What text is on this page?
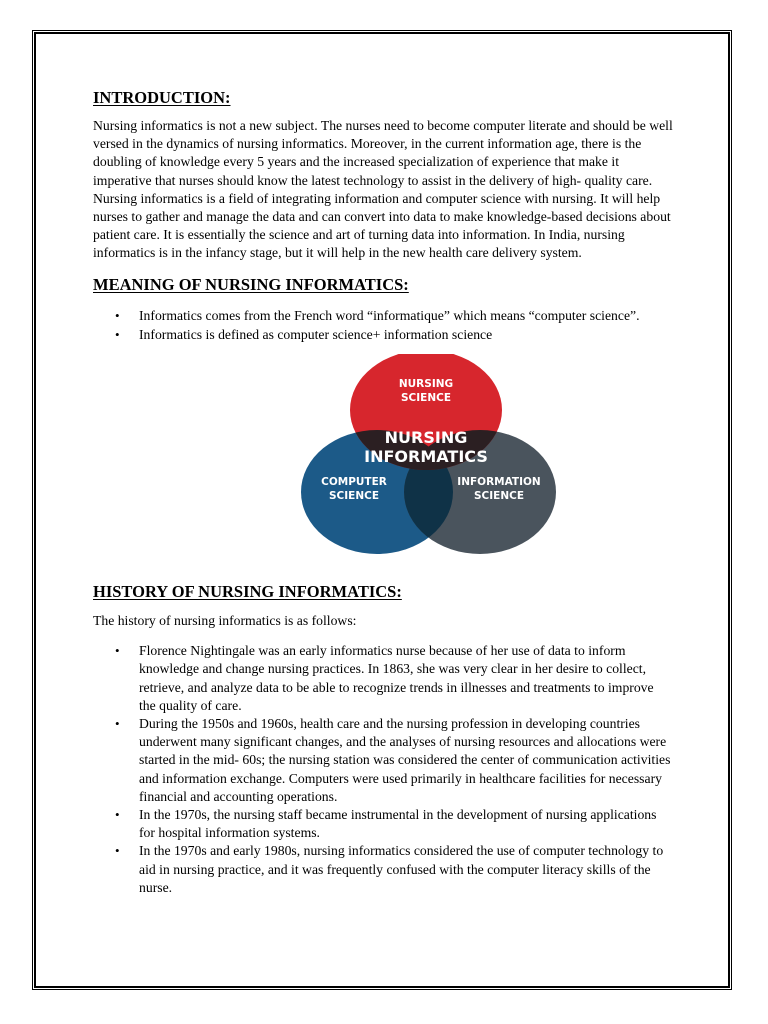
INTRODUCTION:

Nursing informatics is not a new subject. The nurses need to become computer literate and should be well versed in the dynamics of nursing informatics. Moreover, in the current information age, there is the doubling of knowledge every 5 years and the increased specialization of experience that make it imperative that nurses should know the latest technology to assist in the delivery of high- quality care. Nursing informatics is a field of integrating information and computer science with nursing. It will help nurses to gather and manage the data and can convert into data to make knowledge-based decisions about patient care. It is essentially the science and art of turning data into information. In India, nursing informatics is in the infancy stage, but it will help in the new health care delivery system.

MEANING OF NURSING INFORMATICS:
• Informatics comes from the French word “informatique” which means “computer science”.
• Informatics is defined as computer science+ information science
NURSING
SCIENCE
NURSING
INFORMATICS
COMPUTER
SCIENCE
INFORMATION
SCIENCE
HISTORY OF NURSING INFORMATICS:

The history of nursing informatics is as follows:

• Florence Nightingale was an early informatics nurse because of her use of data to inform knowledge and change nursing practices. In 1863, she was very clear in her desire to collect, retrieve, and analyze data to be able to recognize trends in illnesses and treatments to improve the quality of care.
• During the 1950s and 1960s, health care and the nursing profession in developing countries underwent many significant changes, and the analyses of nursing resources and allocations were started in the mid- 60s; the nursing station was considered the center of communication activities and information exchange. Computers were used primarily in healthcare facilities for necessary financial and accounting operations.
• In the 1970s, the nursing staff became instrumental in the development of nursing applications for hospital information systems.
• In the 1970s and early 1980s, nursing informatics considered the use of computer technology to aid in nursing practice, and it was frequently confused with the computer literacy skills of the nurse.
